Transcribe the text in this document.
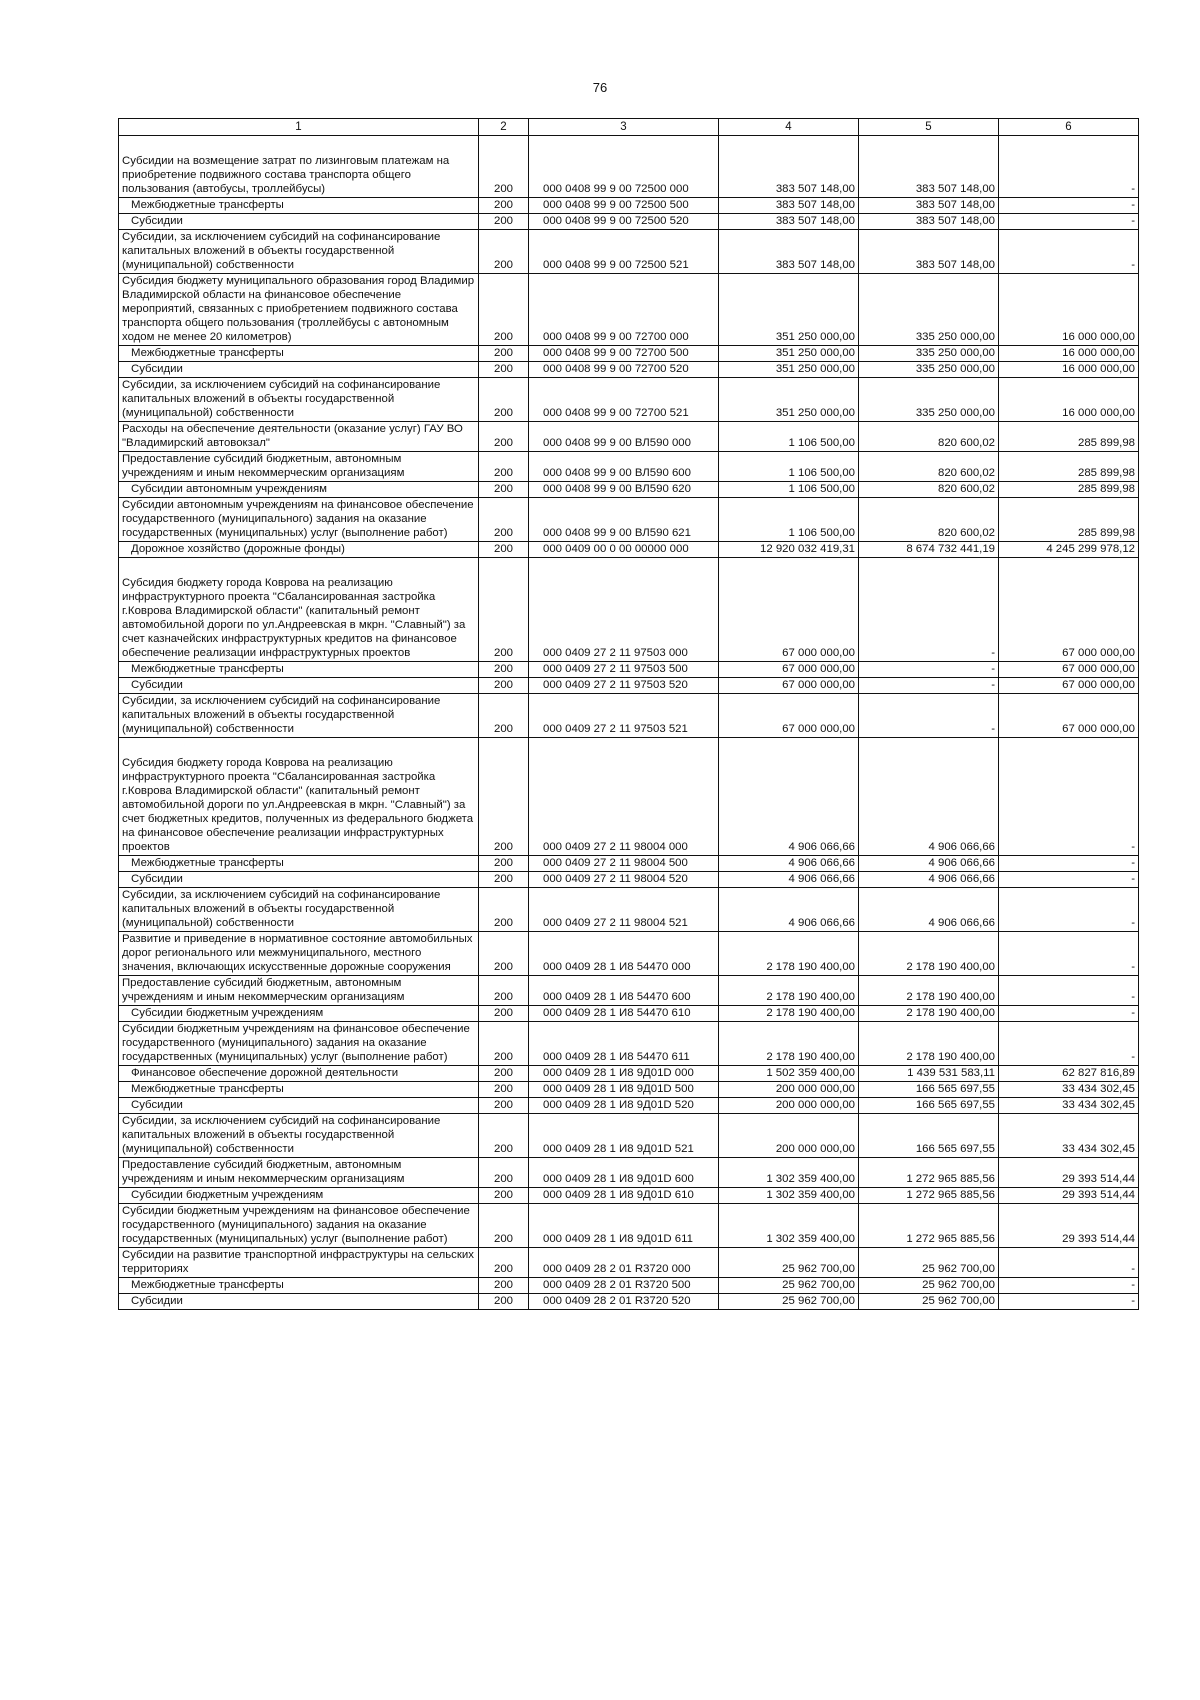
76
1	2	3	4	5	6
Субсидии на возмещение затрат по лизинговым платежам на приобретение подвижного состава транспорта общего пользования (автобусы, троллейбусы)	200	000 0408 99 9 00 72500 000	383 507 148,00	383 507 148,00	-
Межбюджетные трансферты	200	000 0408 99 9 00 72500 500	383 507 148,00	383 507 148,00	-
Субсидии	200	000 0408 99 9 00 72500 520	383 507 148,00	383 507 148,00	-
Субсидии, за исключением субсидий на софинансирование капитальных вложений в объекты государственной (муниципальной) собственности	200	000 0408 99 9 00 72500 521	383 507 148,00	383 507 148,00	-
Субсидия бюджету муниципального образования город Владимир Владимирской области на финансовое обеспечение мероприятий, связанных с приобретением подвижного состава транспорта общего пользования (троллейбусы с автономным ходом не менее 20 километров)	200	000 0408 99 9 00 72700 000	351 250 000,00	335 250 000,00	16 000 000,00
Межбюджетные трансферты	200	000 0408 99 9 00 72700 500	351 250 000,00	335 250 000,00	16 000 000,00
Субсидии	200	000 0408 99 9 00 72700 520	351 250 000,00	335 250 000,00	16 000 000,00
Субсидии, за исключением субсидий на софинансирование капитальных вложений в объекты государственной (муниципальной) собственности	200	000 0408 99 9 00 72700 521	351 250 000,00	335 250 000,00	16 000 000,00
Расходы на обеспечение деятельности (оказание услуг) ГАУ ВО "Владимирский автовокзал"	200	000 0408 99 9 00 ВЛ590 000	1 106 500,00	820 600,02	285 899,98
Предоставление субсидий бюджетным, автономным учреждениям и иным некоммерческим организациям	200	000 0408 99 9 00 ВЛ590 600	1 106 500,00	820 600,02	285 899,98
Субсидии автономным учреждениям	200	000 0408 99 9 00 ВЛ590 620	1 106 500,00	820 600,02	285 899,98
Субсидии автономным учреждениям на финансовое обеспечение государственного (муниципального) задания на оказание государственных (муниципальных) услуг (выполнение работ)	200	000 0408 99 9 00 ВЛ590 621	1 106 500,00	820 600,02	285 899,98
Дорожное хозяйство (дорожные фонды)	200	000 0409 00 0 00 00000 000	12 920 032 419,31	8 674 732 441,19	4 245 299 978,12
Субсидия бюджету города Коврова на реализацию инфраструктурного проекта "Сбалансированная застройка г.Коврова Владимирской области" (капитальный ремонт автомобильной дороги по ул.Андреевская в мкрн. "Славный") за счет казначейских инфраструктурных кредитов на финансовое обеспечение реализации инфраструктурных проектов	200	000 0409 27 2 11 97503 000	67 000 000,00	-	67 000 000,00
Межбюджетные трансферты	200	000 0409 27 2 11 97503 500	67 000 000,00	-	67 000 000,00
Субсидии	200	000 0409 27 2 11 97503 520	67 000 000,00	-	67 000 000,00
Субсидии, за исключением субсидий на софинансирование капитальных вложений в объекты государственной (муниципальной) собственности	200	000 0409 27 2 11 97503 521	67 000 000,00	-	67 000 000,00
Субсидия бюджету города Коврова на реализацию инфраструктурного проекта "Сбалансированная застройка г.Коврова Владимирской области" (капитальный ремонт автомобильной дороги по ул.Андреевская в мкрн. "Славный") за счет бюджетных кредитов, полученных из федерального бюджета на финансовое обеспечение реализации инфраструктурных проектов	200	000 0409 27 2 11 98004 000	4 906 066,66	4 906 066,66	-
Межбюджетные трансферты	200	000 0409 27 2 11 98004 500	4 906 066,66	4 906 066,66	-
Субсидии	200	000 0409 27 2 11 98004 520	4 906 066,66	4 906 066,66	-
Субсидии, за исключением субсидий на софинансирование капитальных вложений в объекты государственной (муниципальной) собственности	200	000 0409 27 2 11 98004 521	4 906 066,66	4 906 066,66	-
Развитие и приведение в нормативное состояние автомобильных дорог регионального или межмуниципального, местного значения, включающих искусственные дорожные сооружения	200	000 0409 28 1 И8 54470 000	2 178 190 400,00	2 178 190 400,00	-
Предоставление субсидий бюджетным, автономным учреждениям и иным некоммерческим организациям	200	000 0409 28 1 И8 54470 600	2 178 190 400,00	2 178 190 400,00	-
Субсидии бюджетным учреждениям	200	000 0409 28 1 И8 54470 610	2 178 190 400,00	2 178 190 400,00	-
Субсидии бюджетным учреждениям на финансовое обеспечение государственного (муниципального) задания на оказание государственных (муниципальных) услуг (выполнение работ)	200	000 0409 28 1 И8 54470 611	2 178 190 400,00	2 178 190 400,00	-
Финансовое обеспечение дорожной деятельности	200	000 0409 28 1 И8 9Д01D 000	1 502 359 400,00	1 439 531 583,11	62 827 816,89
Межбюджетные трансферты	200	000 0409 28 1 И8 9Д01D 500	200 000 000,00	166 565 697,55	33 434 302,45
Субсидии	200	000 0409 28 1 И8 9Д01D 520	200 000 000,00	166 565 697,55	33 434 302,45
Субсидии, за исключением субсидий на софинансирование капитальных вложений в объекты государственной (муниципальной) собственности	200	000 0409 28 1 И8 9Д01D 521	200 000 000,00	166 565 697,55	33 434 302,45
Предоставление субсидий бюджетным, автономным учреждениям и иным некоммерческим организациям	200	000 0409 28 1 И8 9Д01D 600	1 302 359 400,00	1 272 965 885,56	29 393 514,44
Субсидии бюджетным учреждениям	200	000 0409 28 1 И8 9Д01D 610	1 302 359 400,00	1 272 965 885,56	29 393 514,44
Субсидии бюджетным учреждениям на финансовое обеспечение государственного (муниципального) задания на оказание государственных (муниципальных) услуг (выполнение работ)	200	000 0409 28 1 И8 9Д01D 611	1 302 359 400,00	1 272 965 885,56	29 393 514,44
Субсидии на развитие транспортной инфраструктуры на сельских территориях	200	000 0409 28 2 01 R3720 000	25 962 700,00	25 962 700,00	-
Межбюджетные трансферты	200	000 0409 28 2 01 R3720 500	25 962 700,00	25 962 700,00	-
Субсидии	200	000 0409 28 2 01 R3720 520	25 962 700,00	25 962 700,00	-
